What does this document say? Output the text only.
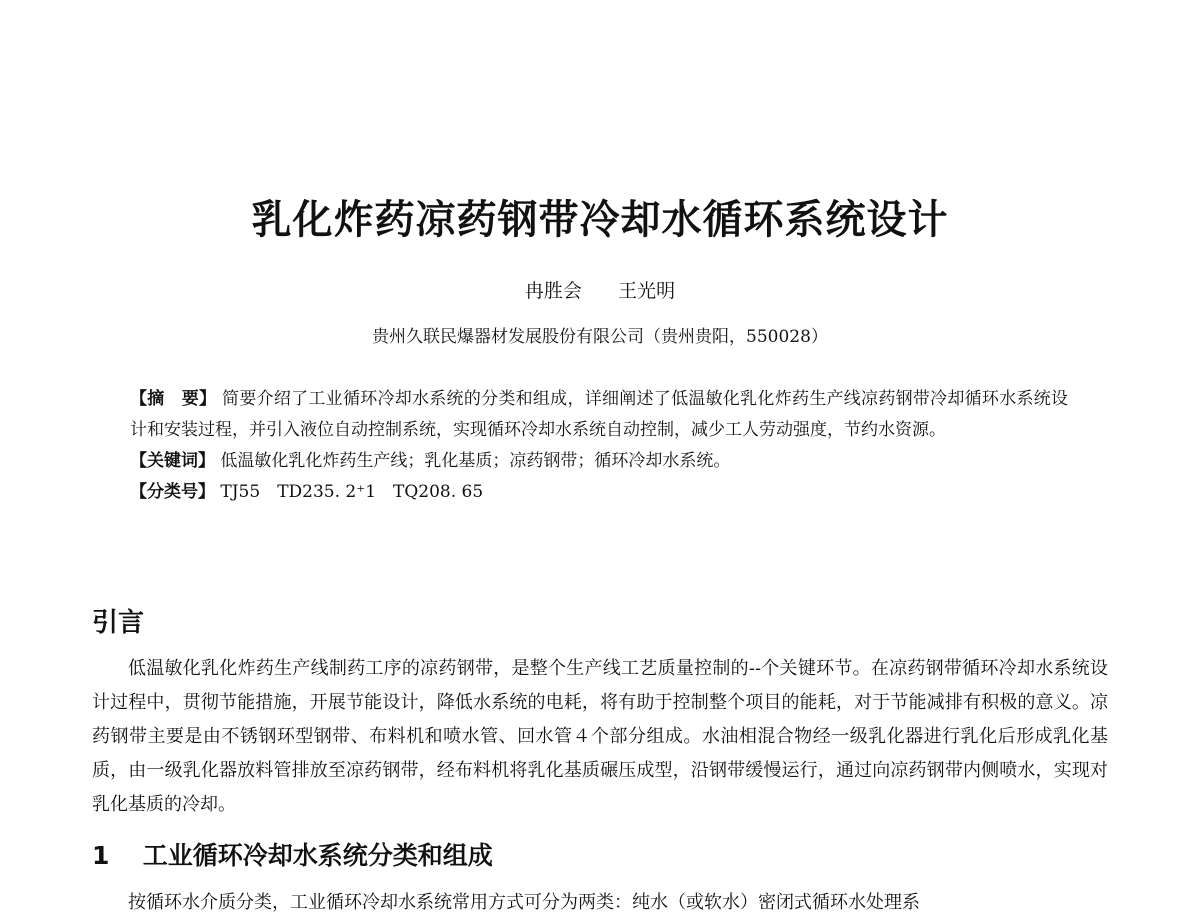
乳化炸药凉药钢带冷却水循环系统设计

冉胜会      王光明

贵州久联民爆器材发展股份有限公司（贵州贵阳，550028）

【摘　要】 简要介绍了工业循环冷却水系统的分类和组成，详细阐述了低温敏化乳化炸药生产线凉药钢带冷却循环水系统设计和安装过程，并引入液位自动控制系统，实现循环冷却水系统自动控制，减少工人劳动强度，节约水资源。
【关键词】 低温敏化乳化炸药生产线；乳化基质；凉药钢带；循环冷却水系统。
【分类号】 TJ55　TD235. 2⁺1　TQ208. 65
引言

低温敏化乳化炸药生产线制药工序的凉药钢带，是整个生产线工艺质量控制的--个关键环节。在凉药钢带循环冷却水系统设计过程中，贯彻节能措施，开展节能设计，降低水系统的电耗，将有助于控制整个项目的能耗，对于节能减排有积极的意义。凉药钢带主要是由不锈钢环型钢带、布料机和喷水管、回水管４个部分组成。水油相混合物经一级乳化器进行乳化后形成乳化基质，由一级乳化器放料管排放至凉药钢带，经布料机将乳化基质碾压成型，沿钢带缓慢运行，通过向凉药钢带内侧喷水，实现对乳化基质的冷却。

1 工业循环冷却水系统分类和组成

按循环水介质分类，工业循环冷却水系统常用方式可分为两类：纯水（或软水）密闭式循环水处理系
